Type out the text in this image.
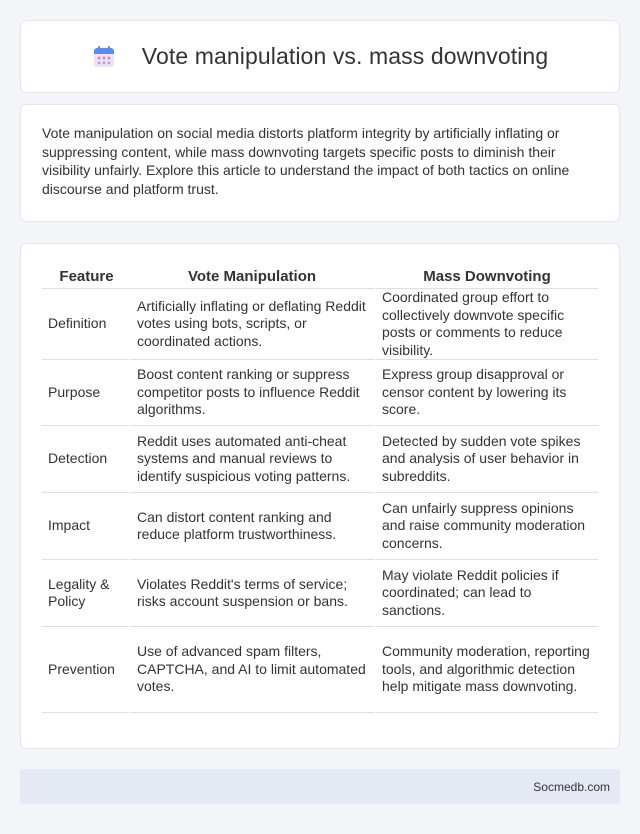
Vote manipulation vs. mass downvoting

Vote manipulation on social media distorts platform integrity by artificially inflating or suppressing content, while mass downvoting targets specific posts to diminish their visibility unfairly. Explore this article to understand the impact of both tactics on online discourse and platform trust.

Feature	Vote Manipulation	Mass Downvoting
Definition	Artificially inflating or deflating Reddit votes using bots, scripts, or coordinated actions.	Coordinated group effort to collectively downvote specific posts or comments to reduce visibility.
Purpose	Boost content ranking or suppress competitor posts to influence Reddit algorithms.	Express group disapproval or censor content by lowering its score.
Detection	Reddit uses automated anti-cheat systems and manual reviews to identify suspicious voting patterns.	Detected by sudden vote spikes and analysis of user behavior in subreddits.
Impact	Can distort content ranking and reduce platform trustworthiness.	Can unfairly suppress opinions and raise community moderation concerns.
Legality & Policy	Violates Reddit's terms of service; risks account suspension or bans.	May violate Reddit policies if coordinated; can lead to sanctions.
Prevention	Use of advanced spam filters, CAPTCHA, and AI to limit automated votes.	Community moderation, reporting tools, and algorithmic detection help mitigate mass downvoting.
Socmedb.com
